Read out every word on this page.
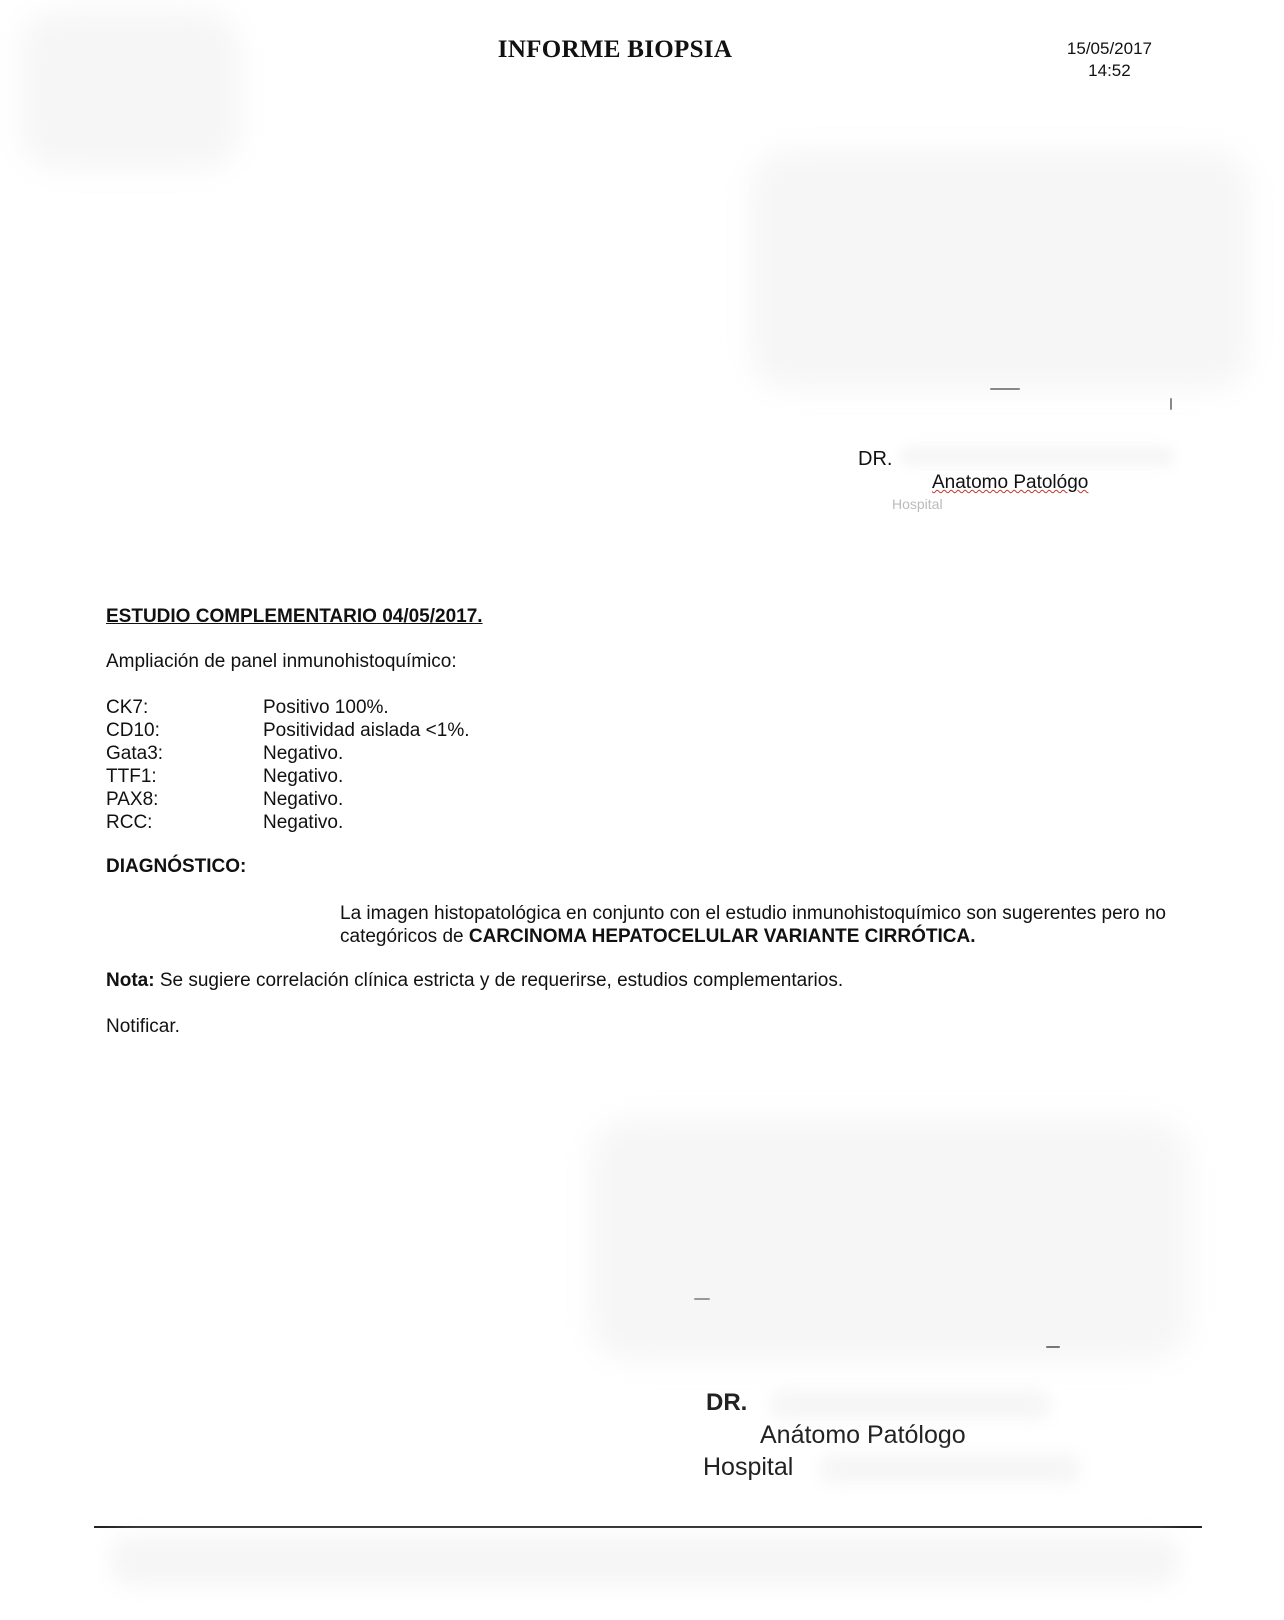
INFORME BIOPSIA	15/05/2017
14:52
DR.
Anatomo Patológo
Hospital
ESTUDIO COMPLEMENTARIO 04/05/2017.
Ampliación de panel inmunohistoquímico:
CK7:	Positivo 100%.
CD10:	Positividad aislada <1%.
Gata3:	Negativo.
TTF1:	Negativo.
PAX8:	Negativo.
RCC:	Negativo.
DIAGNÓSTICO:
La imagen histopatológica en conjunto con el estudio inmunohistoquímico son sugerentes pero no categóricos de CARCINOMA HEPATOCELULAR VARIANTE CIRRÓTICA.
Nota: Se sugiere correlación clínica estricta y de requerirse, estudios complementarios.
Notificar.
DR.
Anátomo Patólogo
Hospital
